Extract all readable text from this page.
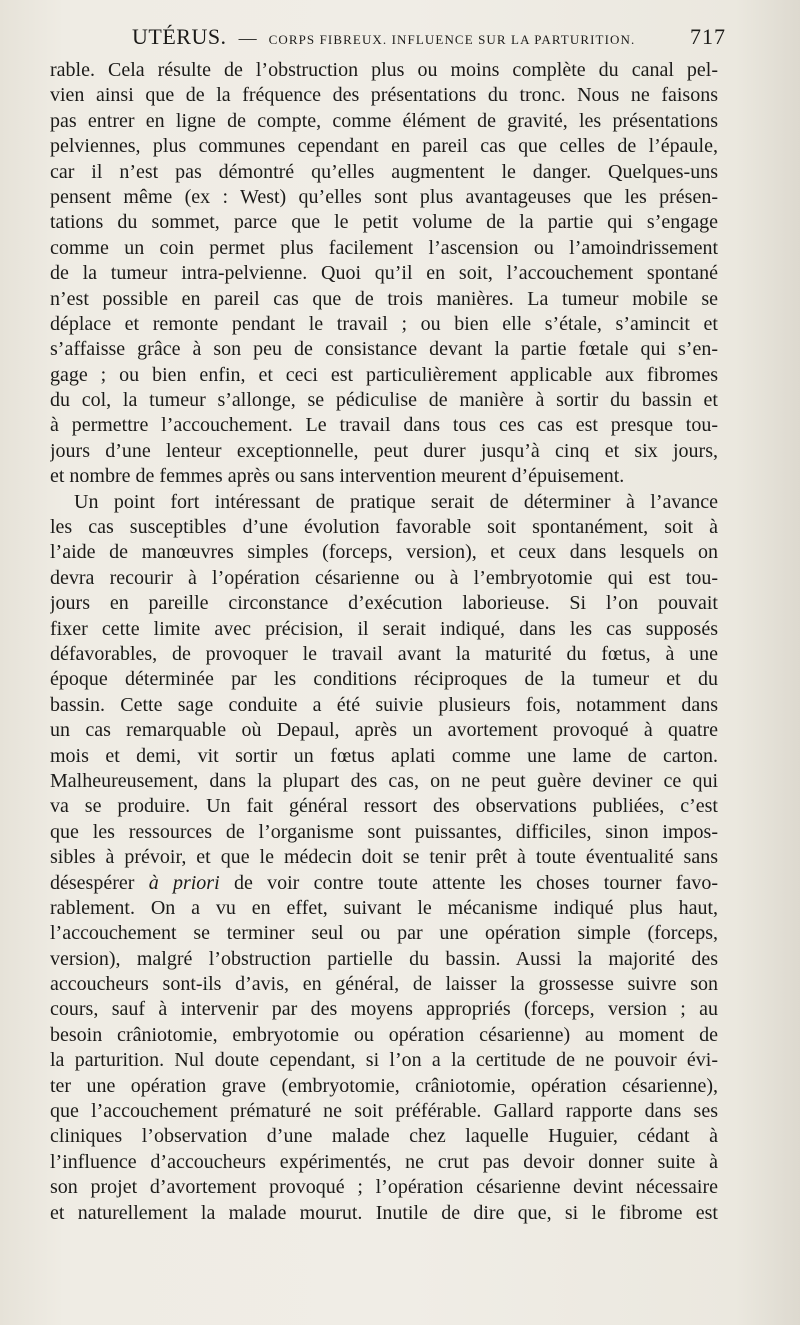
UTÉRUS. — CORPS FIBREUX. INFLUENCE SUR LA PARTURITION. 717
rable. Cela résulte de l’obstruction plus ou moins complète du canal pel-
vien ainsi que de la fréquence des présentations du tronc. Nous ne faisons
pas entrer en ligne de compte, comme élément de gravité, les présentations
pelviennes, plus communes cependant en pareil cas que celles de l’épaule,
car il n’est pas démontré qu’elles augmentent le danger. Quelques-uns
pensent même (ex : West) qu’elles sont plus avantageuses que les présen-
tations du sommet, parce que le petit volume de la partie qui s’engage
comme un coin permet plus facilement l’ascension ou l’amoindrissement
de la tumeur intra-pelvienne. Quoi qu’il en soit, l’accouchement spontané
n’est possible en pareil cas que de trois manières. La tumeur mobile se
déplace et remonte pendant le travail ; ou bien elle s’étale, s’amincit et
s’affaisse grâce à son peu de consistance devant la partie fœtale qui s’en-
gage ; ou bien enfin, et ceci est particulièrement applicable aux fibromes
du col, la tumeur s’allonge, se pédiculise de manière à sortir du bassin et
à permettre l’accouchement. Le travail dans tous ces cas est presque tou-
jours d’une lenteur exceptionnelle, peut durer jusqu’à cinq et six jours,
et nombre de femmes après ou sans intervention meurent d’épuisement.
Un point fort intéressant de pratique serait de déterminer à l’avance
les cas susceptibles d’une évolution favorable soit spontanément, soit à
l’aide de manœuvres simples (forceps, version), et ceux dans lesquels on
devra recourir à l’opération césarienne ou à l’embryotomie qui est tou-
jours en pareille circonstance d’exécution laborieuse. Si l’on pouvait
fixer cette limite avec précision, il serait indiqué, dans les cas supposés
défavorables, de provoquer le travail avant la maturité du fœtus, à une
époque déterminée par les conditions réciproques de la tumeur et du
bassin. Cette sage conduite a été suivie plusieurs fois, notamment dans
un cas remarquable où Depaul, après un avortement provoqué à quatre
mois et demi, vit sortir un fœtus aplati comme une lame de carton.
Malheureusement, dans la plupart des cas, on ne peut guère deviner ce qui
va se produire. Un fait général ressort des observations publiées, c’est
que les ressources de l’organisme sont puissantes, difficiles, sinon impos-
sibles à prévoir, et que le médecin doit se tenir prêt à toute éventualité sans
désespérer à priori de voir contre toute attente les choses tourner favo-
rablement. On a vu en effet, suivant le mécanisme indiqué plus haut,
l’accouchement se terminer seul ou par une opération simple (forceps,
version), malgré l’obstruction partielle du bassin. Aussi la majorité des
accoucheurs sont-ils d’avis, en général, de laisser la grossesse suivre son
cours, sauf à intervenir par des moyens appropriés (forceps, version ; au
besoin crâniotomie, embryotomie ou opération césarienne) au moment de
la parturition. Nul doute cependant, si l’on a la certitude de ne pouvoir évi-
ter une opération grave (embryotomie, crâniotomie, opération césarienne),
que l’accouchement prématuré ne soit préférable. Gallard rapporte dans ses
cliniques l’observation d’une malade chez laquelle Huguier, cédant à
l’influence d’accoucheurs expérimentés, ne crut pas devoir donner suite à
son projet d’avortement provoqué ; l’opération césarienne devint nécessaire
et naturellement la malade mourut. Inutile de dire que, si le fibrome est
